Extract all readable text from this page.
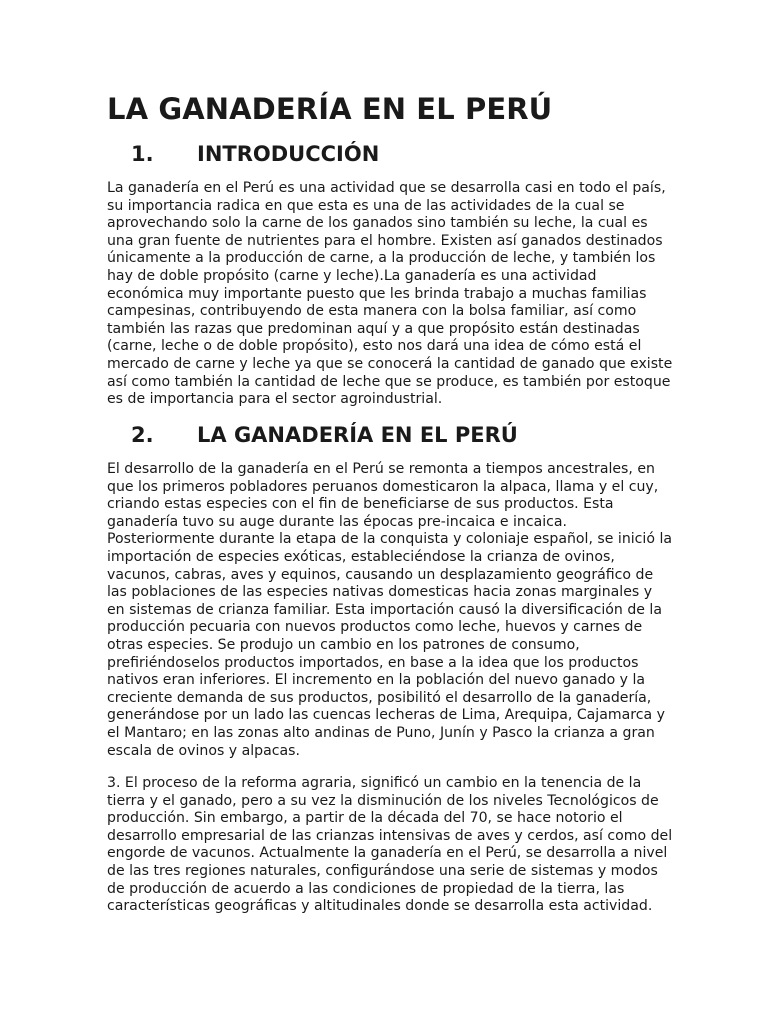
LA GANADERÍA EN EL PERÚ
1. INTRODUCCIÓN
La ganadería en el Perú es una actividad que se desarrolla casi en todo el país,
su importancia radica en que esta es una de las actividades de la cual se
aprovechando solo la carne de los ganados sino también su leche, la cual es
una gran fuente de nutrientes para el hombre. Existen así ganados destinados
únicamente a la producción de carne, a la producción de leche, y también los
hay de doble propósito (carne y leche).La ganadería es una actividad
económica muy importante puesto que les brinda trabajo a muchas familias
campesinas, contribuyendo de esta manera con la bolsa familiar, así como
también las razas que predominan aquí y a que propósito están destinadas
(carne, leche o de doble propósito), esto nos dará una idea de cómo está el
mercado de carne y leche ya que se conocerá la cantidad de ganado que existe
así como también la cantidad de leche que se produce, es también por estoque
es de importancia para el sector agroindustrial.
2. LA GANADERÍA EN EL PERÚ
El desarrollo de la ganadería en el Perú se remonta a tiempos ancestrales, en
que los primeros pobladores peruanos domesticaron la alpaca, llama y el cuy,
criando estas especies con el fin de beneficiarse de sus productos. Esta
ganadería tuvo su auge durante las épocas pre-incaica e incaica.
Posteriormente durante la etapa de la conquista y coloniaje español, se inició la
importación de especies exóticas, estableciéndose la crianza de ovinos,
vacunos, cabras, aves y equinos, causando un desplazamiento geográfico de
las poblaciones de las especies nativas domesticas hacia zonas marginales y
en sistemas de crianza familiar. Esta importación causó la diversificación de la
producción pecuaria con nuevos productos como leche, huevos y carnes de
otras especies. Se produjo un cambio en los patrones de consumo,
prefiriéndoselos productos importados, en base a la idea que los productos
nativos eran inferiores. El incremento en la población del nuevo ganado y la
creciente demanda de sus productos, posibilitó el desarrollo de la ganadería,
generándose por un lado las cuencas lecheras de Lima, Arequipa, Cajamarca y
el Mantaro; en las zonas alto andinas de Puno, Junín y Pasco la crianza a gran
escala de ovinos y alpacas.
3. El proceso de la reforma agraria, significó un cambio en la tenencia de la
tierra y el ganado, pero a su vez la disminución de los niveles Tecnológicos de
producción. Sin embargo, a partir de la década del 70, se hace notorio el
desarrollo empresarial de las crianzas intensivas de aves y cerdos, así como del
engorde de vacunos. Actualmente la ganadería en el Perú, se desarrolla a nivel
de las tres regiones naturales, configurándose una serie de sistemas y modos
de producción de acuerdo a las condiciones de propiedad de la tierra, las
características geográficas y altitudinales donde se desarrolla esta actividad.
